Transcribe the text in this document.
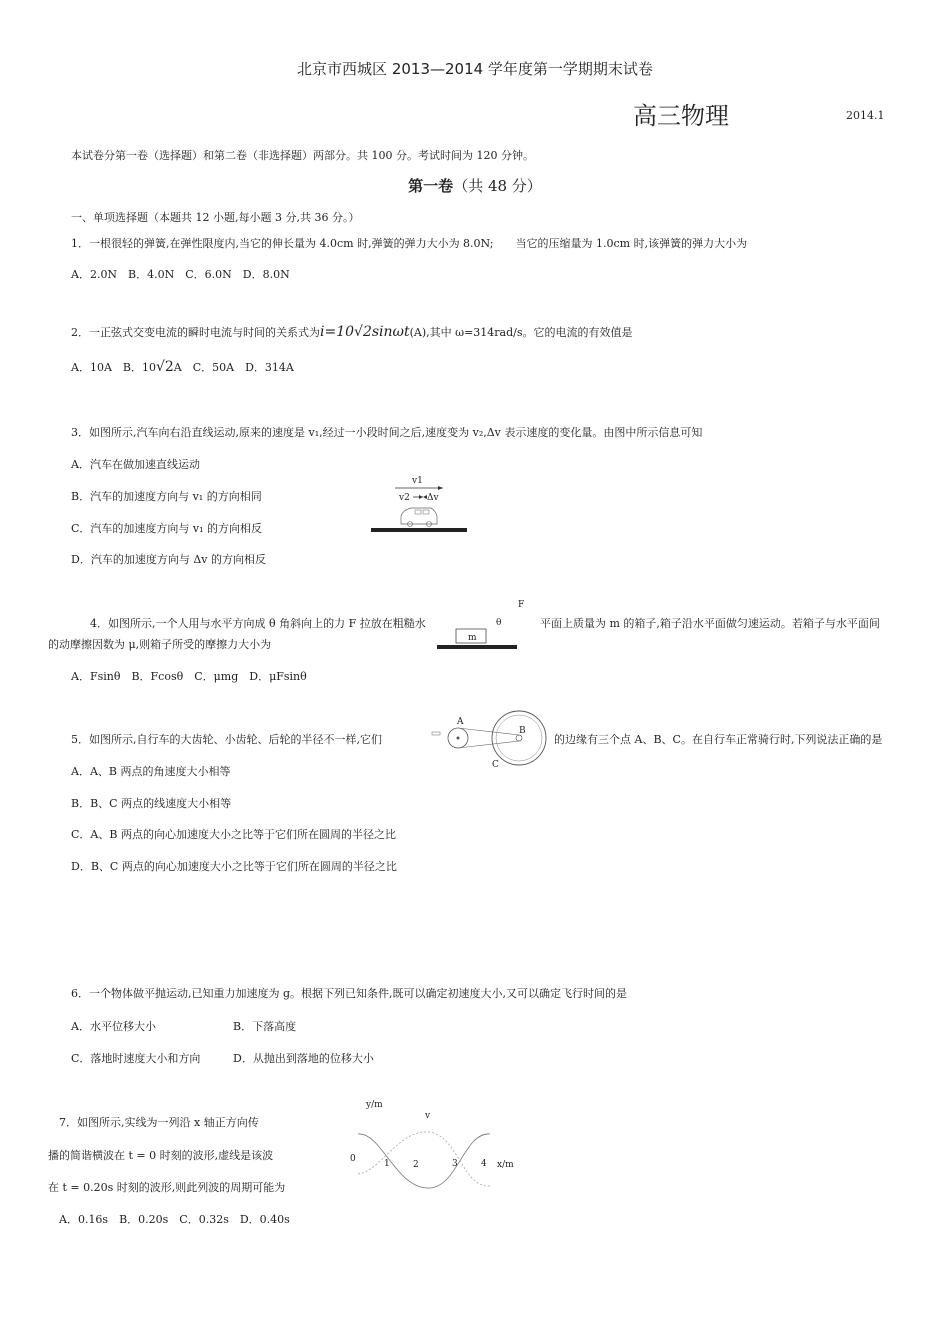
北京市西城区 2013—2014 学年度第一学期期末试卷
高三物理	2014.1
本试卷分第一卷（选择题）和第二卷（非选择题）两部分。共 100 分。考试时间为 120 分钟。
第一卷（共 48 分）
一、单项选择题（本题共 12 小题,每小题 3 分,共 36 分。）
1．一根很轻的弹簧,在弹性限度内,当它的伸长量为 4.0cm 时,弹簧的弹力大小为 8.0N;　　当它的压缩量为 1.0cm 时,该弹簧的弹力大小为
A．2.0N　B．4.0N　C．6.0N　D．8.0N
2．一正弦式交变电流的瞬时电流与时间的关系式为i=10√2sinωt(A),其中 ω=314rad/s。它的电流的有效值是
A．10A　B．10√2A　C．50A　D．314A
3．如图所示,汽车向右沿直线运动,原来的速度是 v₁,经过一小段时间之后,速度变为 v₂,Δv 表示速度的变化量。由图中所示信息可知
A．汽车在做加速直线运动
B．汽车的加速度方向与 v₁ 的方向相同
C．汽车的加速度方向与 v₁ 的方向相反
D．汽车的加速度方向与 Δv 的方向相反
v1
v2 Δv
4．如图所示,一个人用与水平方向成 θ 角斜向上的力 F 拉放在粗糙水	平面上质量为 m 的箱子,箱子沿水平面做匀速运动。若箱子与水平面间
的动摩擦因数为 μ,则箱子所受的摩擦力大小为
A．Fsinθ　B．Fcosθ　C．μmg　D．μFsinθ
F
θ
m
5．如图所示,自行车的大齿轮、小齿轮、后轮的半径不一样,它们	的边缘有三个点 A、B、C。在自行车正常骑行时,下列说法正确的是
A．A、B 两点的角速度大小相等
B．B、C 两点的线速度大小相等
C．A、B 两点的向心加速度大小之比等于它们所在圆周的半径之比
D．B、C 两点的向心加速度大小之比等于它们所在圆周的半径之比
A
B
C
6．一个物体做平抛运动,已知重力加速度为 g。根据下列已知条件,既可以确定初速度大小,又可以确定飞行时间的是
A．水平位移大小	B．下落高度
C．落地时速度大小和方向	D．从抛出到落地的位移大小
7．如图所示,实线为一列沿 x 轴正方向传
播的简谐横波在 t = 0 时刻的波形,虚线是该波
在 t = 0.20s 时刻的波形,则此列波的周期可能为
A．0.16s　B．0.20s　C．0.32s　D．0.40s
y/m
v
0	1	2	3	4 x/m
